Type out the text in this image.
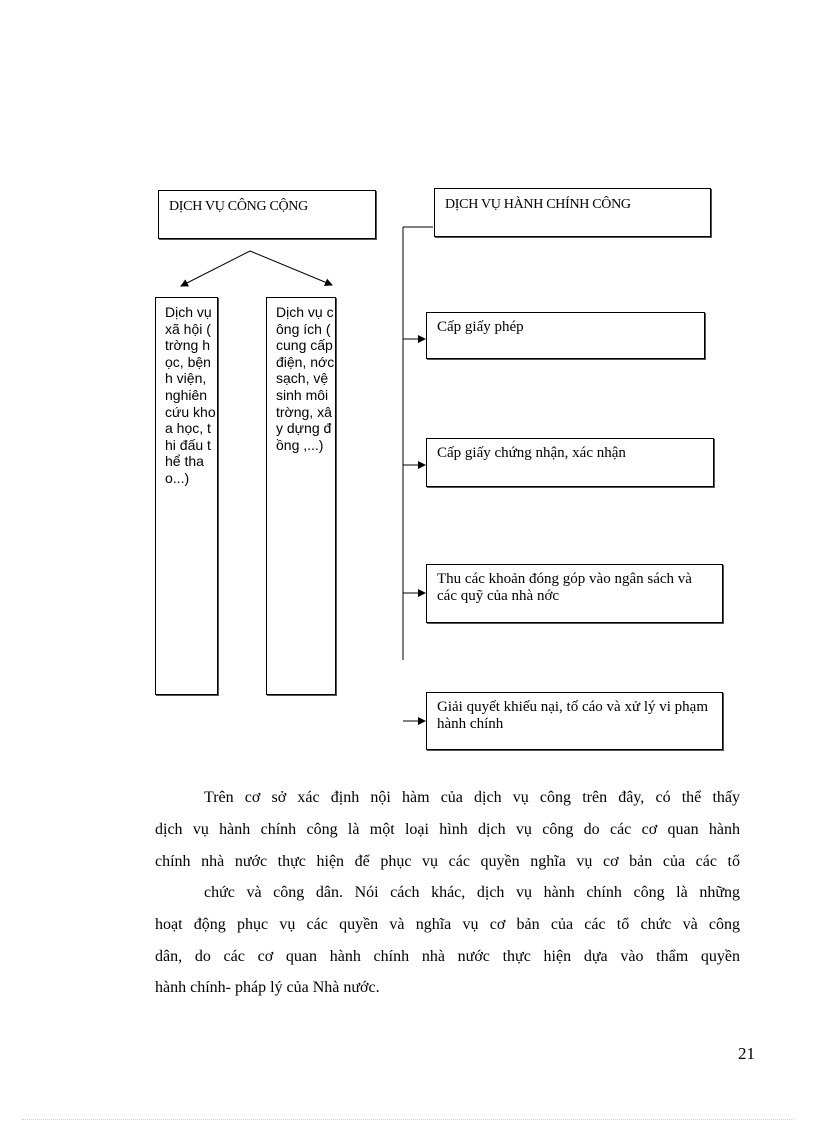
DỊCH VỤ CÔNG CỘNG	DỊCH VỤ HÀNH CHÍNH CÔNG
Dịch vụ xã hội ( trờng học, bệnh viện, nghiên cứu khoa học, thi đấu thể thao...)
Dịch vụ công ích ( cung cấp điện, nớc sạch, vệ sinh môi trờng, xây dựng đồng ,...)
Cấp giấy phép
Cấp giấy chứng nhận, xác nhận
Thu các khoản đóng góp vào ngân sách và các quỹ của nhà nớc
Giải quyết khiếu nại, tố cáo và xử lý vi phạm hành chính

Trên cơ sở xác định nội hàm của dịch vụ công trên đây, có thể thấy

dịch vụ hành chính công là một loại hình dịch vụ công do các cơ quan hành

chính nhà nước thực hiện để phục vụ các quyền nghĩa vụ cơ bản của các tổ

chức và công dân. Nói cách khác, dịch vụ hành chính công là những

hoạt động phục vụ các quyền và nghĩa vụ cơ bản của các tổ chức và công

dân, do các cơ quan hành chính nhà nước thực hiện dựa vào thẩm quyền

hành chính- pháp lý của Nhà nước.

21
